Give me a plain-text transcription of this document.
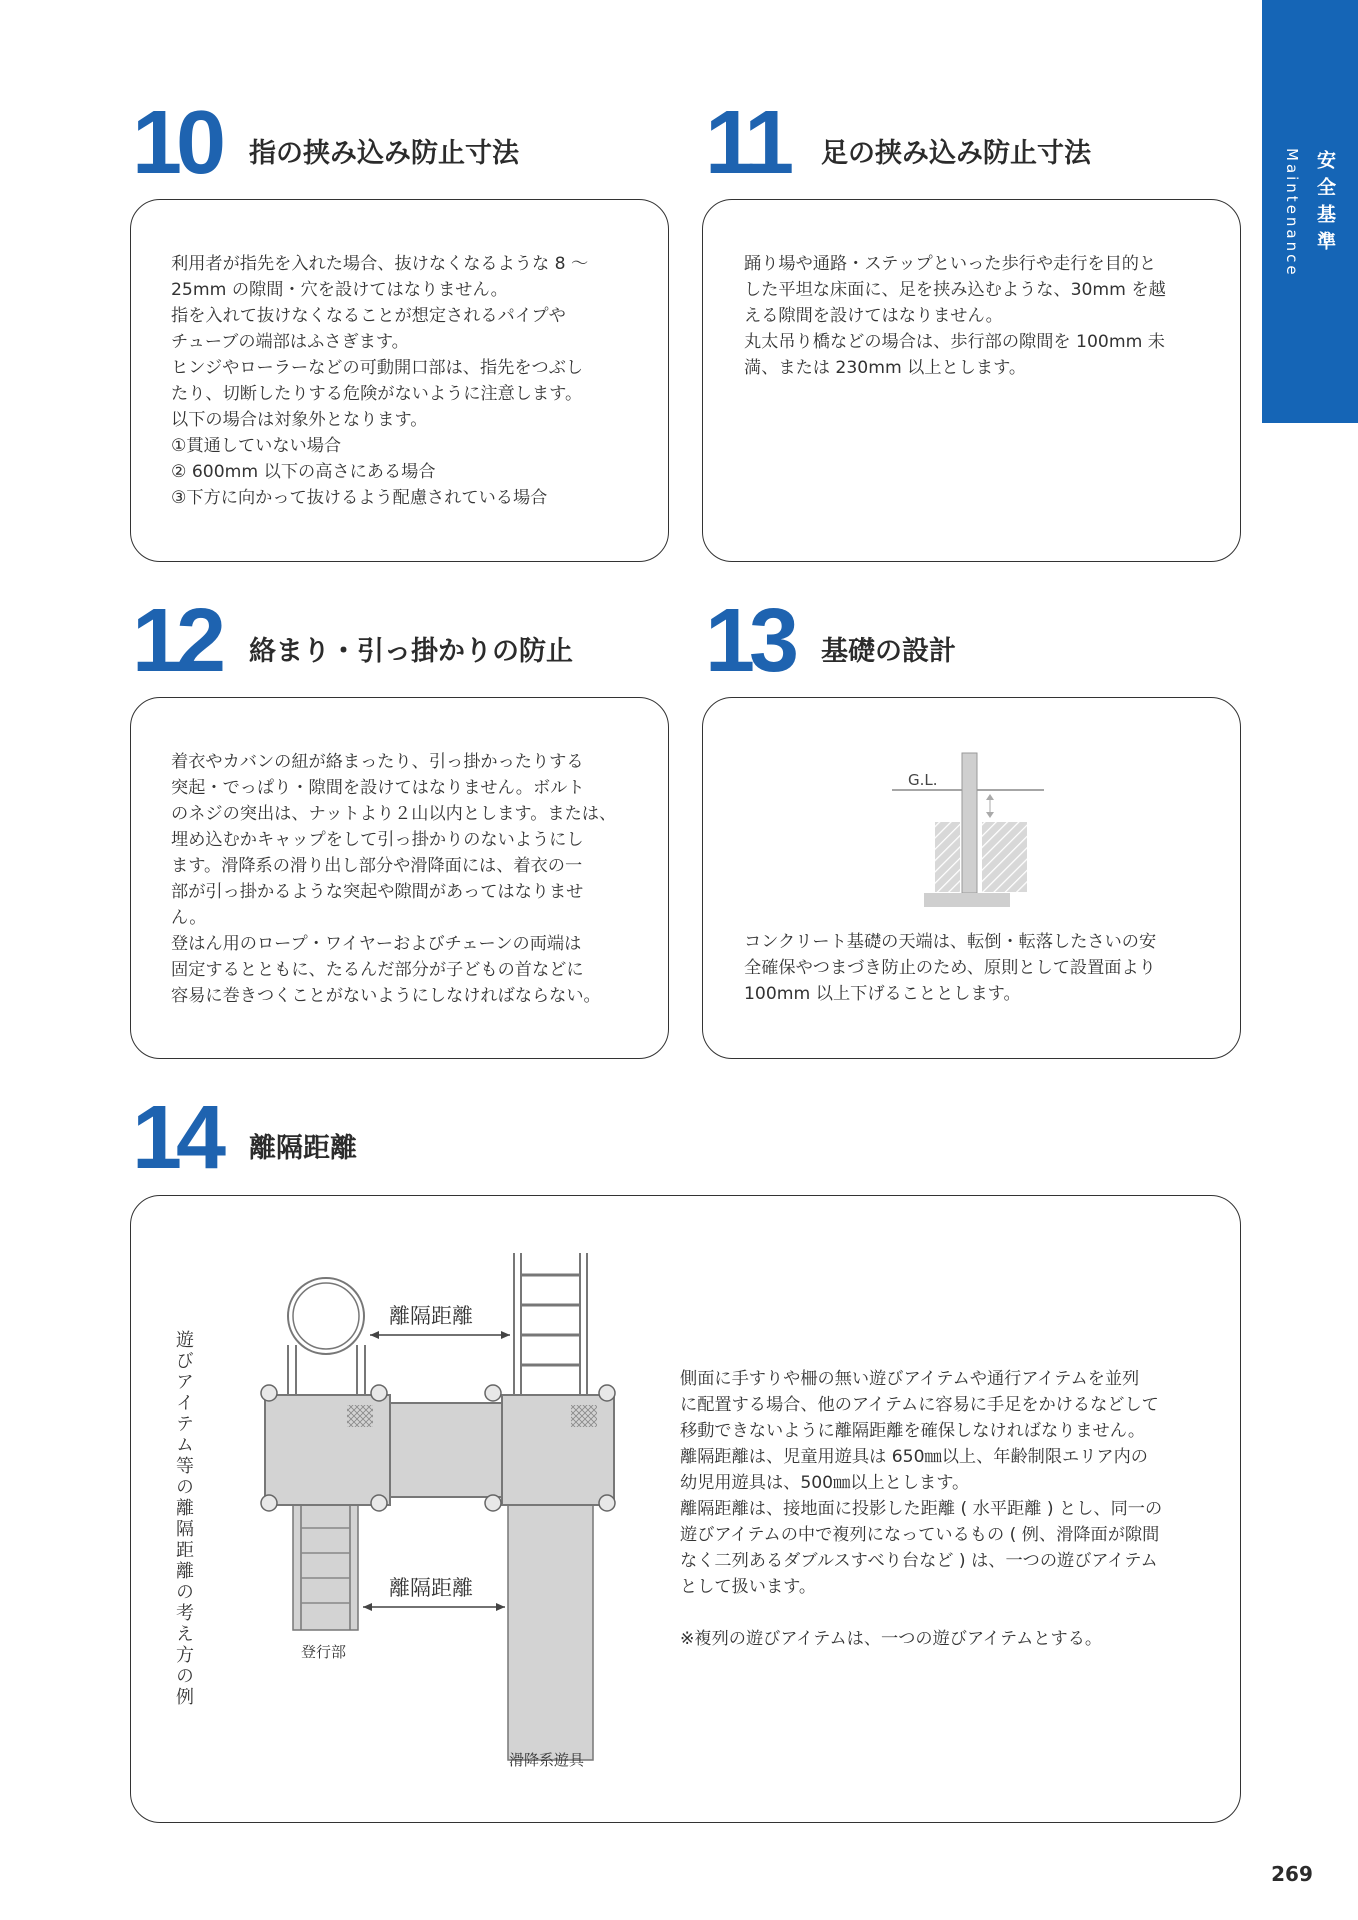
安全基準
Maintenance
10 指の挟み込み防止寸法

利用者が指先を入れた場合、抜けなくなるような 8 ～

25mm の隙間・穴を設けてはなりません。

指を入れて抜けなくなることが想定されるパイプや

チューブの端部はふさぎます。

ヒンジやローラーなどの可動開口部は、指先をつぶし

たり、切断したりする危険がないように注意します。

以下の場合は対象外となります。

①貫通していない場合

② 600mm 以下の高さにある場合

③下方に向かって抜けるよう配慮されている場合

11 足の挟み込み防止寸法

踊り場や通路・ステップといった歩行や走行を目的と

した平坦な床面に、足を挟み込むような、30mm を越

える隙間を設けてはなりません。

丸太吊り橋などの場合は、歩行部の隙間を 100mm 未

満、または 230mm 以上とします。

12 絡まり・引っ掛かりの防止

着衣やカバンの紐が絡まったり、引っ掛かったりする

突起・でっぱり・隙間を設けてはなりません。ボルト

のネジの突出は、ナットより２山以内とします。または、

埋め込むかキャップをして引っ掛かりのないようにし

ます。滑降系の滑り出し部分や滑降面には、着衣の一

部が引っ掛かるような突起や隙間があってはなりませ

ん。

登はん用のロープ・ワイヤーおよびチェーンの両端は

固定するとともに、たるんだ部分が子どもの首などに

容易に巻きつくことがないようにしなければならない。

13 基礎の設計
G.L.

コンクリート基礎の天端は、転倒・転落したさいの安

全確保やつまづき防止のため、原則として設置面より

100mm 以上下げることとします。

14 離隔距離
遊びアイテム等の離隔距離の考え方の例
離隔距離
離隔距離
登行部
滑降系遊具

側面に手すりや柵の無い遊びアイテムや通行アイテムを並列

に配置する場合、他のアイテムに容易に手足をかけるなどして

移動できないように離隔距離を確保しなければなりません。

離隔距離は、児童用遊具は 650㎜以上、年齢制限エリア内の

幼児用遊具は、500㎜以上とします。

離隔距離は、接地面に投影した距離 ( 水平距離 ) とし、同一の

遊びアイテムの中で複列になっているもの ( 例、滑降面が隙間

なく二列あるダブルスすべり台など ) は、一つの遊びアイテム

として扱います。

※複列の遊びアイテムは、一つの遊びアイテムとする。

269
